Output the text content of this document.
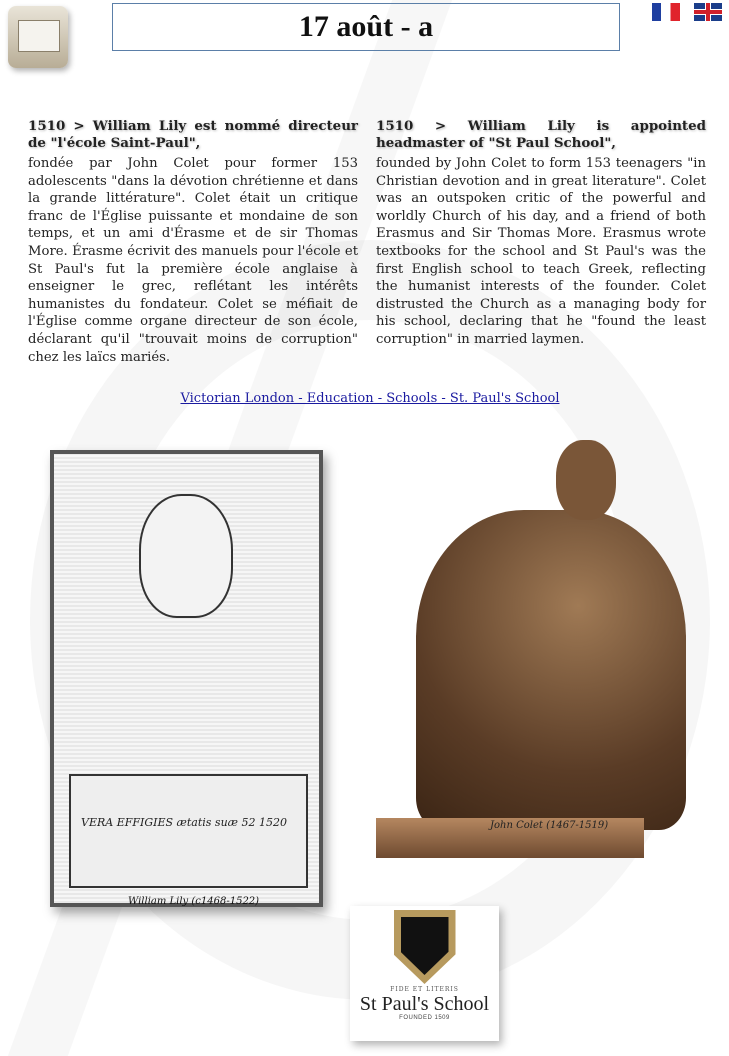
17 août - a
1510 > William Lily est nommé directeur de "l'école Saint-Paul",

fondée par John Colet pour former 153 adolescents "dans la dévotion chrétienne et dans la grande littérature". Colet était un critique franc de l'Église puissante et mondaine de son temps, et un ami d'Érasme et de sir Thomas More. Érasme écrivit des manuels pour l'école et St Paul's fut la première école anglaise à enseigner le grec, reflétant les intérêts humanistes du fondateur. Colet se méfiait de l'Église comme organe directeur de son école, déclarant qu'il "trouvait moins de corruption" chez les laïcs mariés.

1510 > William Lily is appointed headmaster of "St Paul School",

founded by John Colet to form 153 teenagers "in Christian devotion and in great literature". Colet was an outspoken critic of the powerful and worldly Church of his day, and a friend of both Erasmus and Sir Thomas More. Erasmus wrote textbooks for the school and St Paul's was the first English school to teach Greek, reflecting the humanist interests of the founder. Colet distrusted the Church as a managing body for his school, declaring that he "found the least corruption" in married laymen.

Victorian London - Education - Schools - St. Paul's School
VERA EFFIGIES ætatis suæ 52 1520
William Lily (c1468-1522)
John Colet (1467-1519)
FIDE ET LITERIS
St Paul's School
FOUNDED 1509
